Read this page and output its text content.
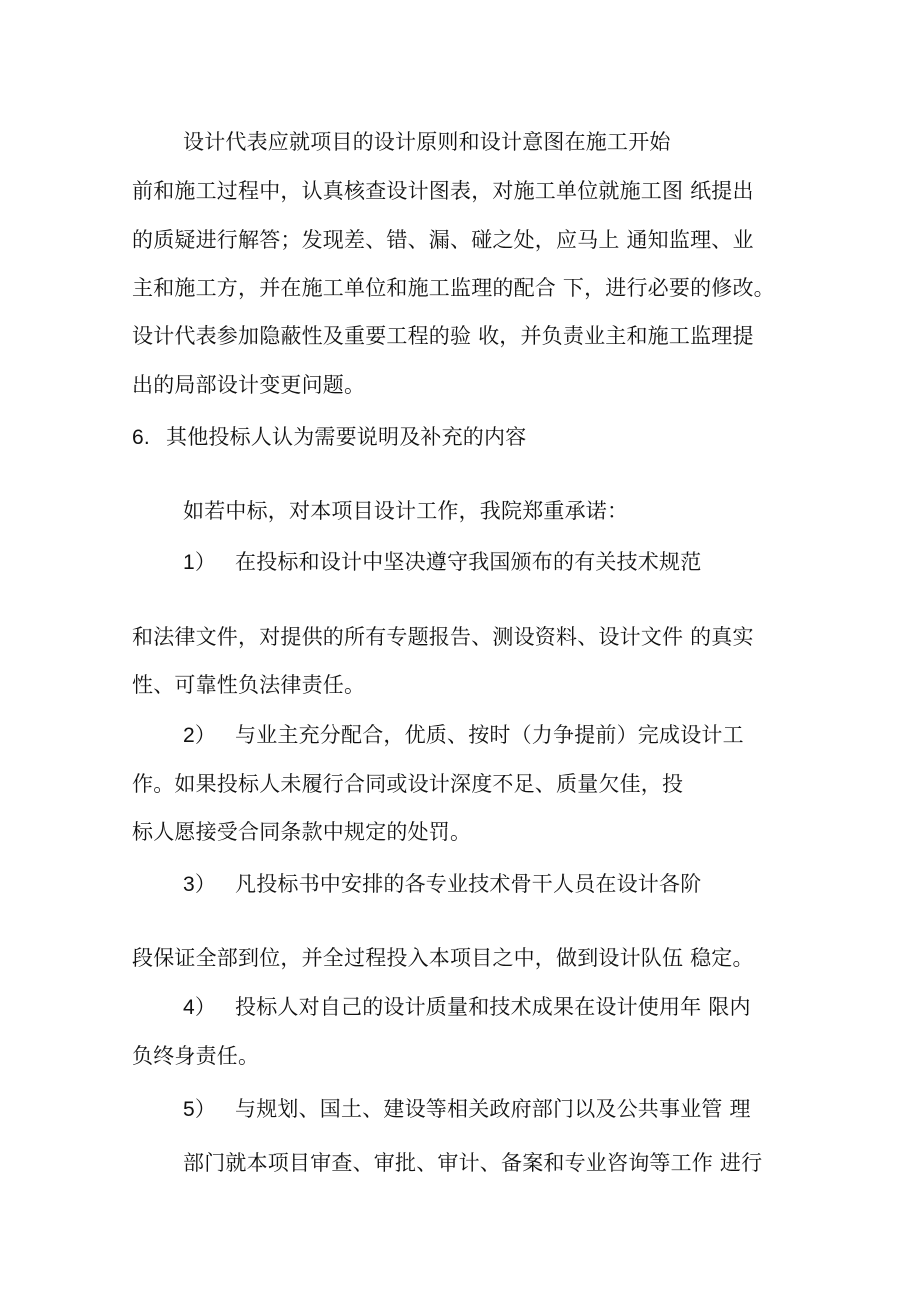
设计代表应就项目的设计原则和设计意图在施工开始
前和施工过程中，认真核查设计图表，对施工单位就施工图 纸提出
的质疑进行解答；发现差、错、漏、碰之处，应马上 通知监理、业
主和施工方，并在施工单位和施工监理的配合 下，进行必要的修改。
设计代表参加隐蔽性及重要工程的验 收，并负责业主和施工监理提
出的局部设计变更问题。
6. 其他投标人认为需要说明及补充的内容
如若中标，对本项目设计工作，我院郑重承诺：
1） 在投标和设计中坚决遵守我国颁布的有关技术规范
和法律文件，对提供的所有专题报告、测设资料、设计文件 的真实
性、可靠性负法律责任。
2） 与业主充分配合，优质、按时（力争提前）完成设计工
作。如果投标人未履行合同或设计深度不足、质量欠佳，投
标人愿接受合同条款中规定的处罚。
3） 凡投标书中安排的各专业技术骨干人员在设计各阶
段保证全部到位，并全过程投入本项目之中，做到设计队伍 稳定。
4） 投标人对自己的设计质量和技术成果在设计使用年 限内
负终身责任。
5） 与规划、国土、建设等相关政府部门以及公共事业管 理
部门就本项目审查、审批、审计、备案和专业咨询等工作 进行
